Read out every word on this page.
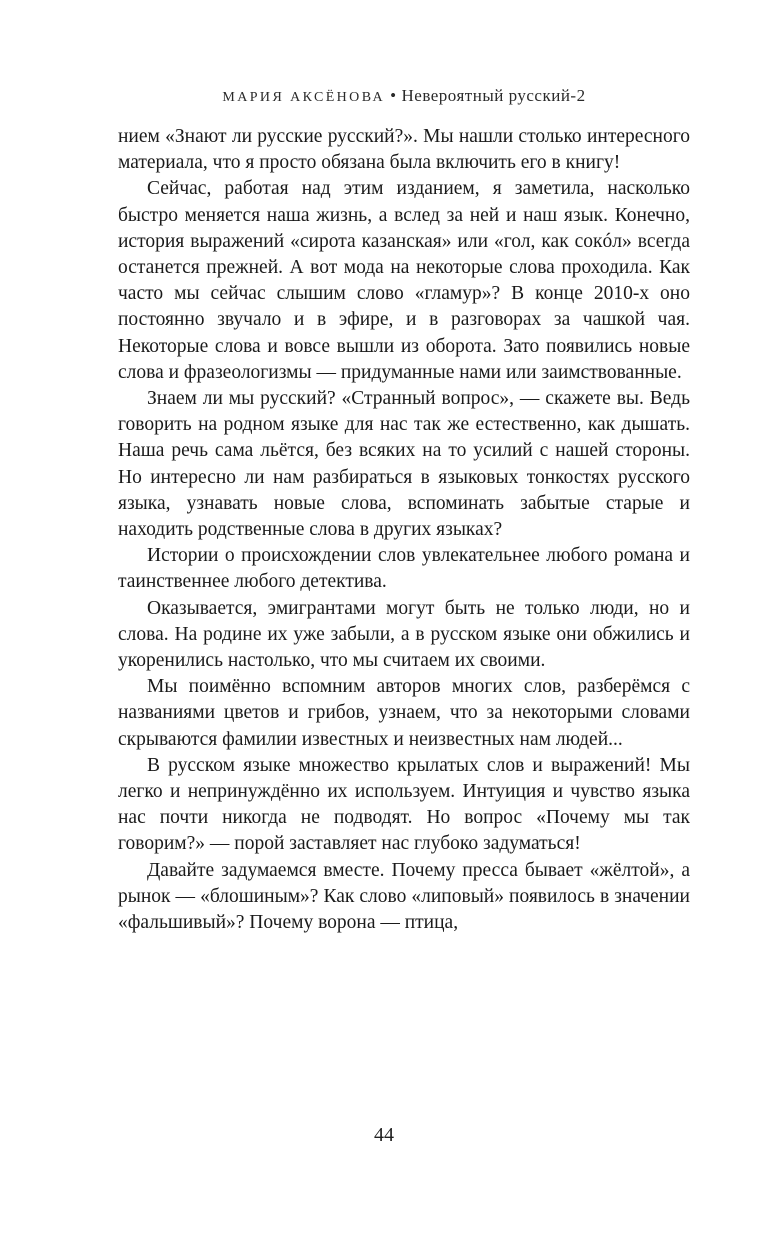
МАРИЯ АКСЁНОВА • Невероятный русский-2

нием «Знают ли русские русский?». Мы нашли столько интересного материала, что я просто обязана была включить его в книгу!

Сейчас, работая над этим изданием, я заметила, насколько быстро меняется наша жизнь, а вслед за ней и наш язык. Конечно, история выражений «сирота казанская» или «гол, как сокóл» всегда останется прежней. А вот мода на некоторые слова проходила. Как часто мы сейчас слышим слово «гламур»? В конце 2010-х оно постоянно звучало и в эфире, и в разговорах за чашкой чая. Некоторые слова и вовсе вышли из оборота. Зато появились новые слова и фразеологизмы — придуманные нами или заимствованные.

Знаем ли мы русский? «Странный вопрос», — скажете вы. Ведь говорить на родном языке для нас так же естественно, как дышать. Наша речь сама льётся, без всяких на то усилий с нашей стороны. Но интересно ли нам разбираться в языковых тонкостях русского языка, узнавать новые слова, вспоминать забытые старые и находить родственные слова в других языках?

Истории о происхождении слов увлекательнее любого романа и таинственнее любого детектива.

Оказывается, эмигрантами могут быть не только люди, но и слова. На родине их уже забыли, а в русском языке они обжились и укоренились настолько, что мы считаем их своими.

Мы поимённо вспомним авторов многих слов, разберёмся с названиями цветов и грибов, узнаем, что за некоторыми словами скрываются фамилии известных и неизвестных нам людей...

В русском языке множество крылатых слов и выражений! Мы легко и непринуждённо их используем. Интуиция и чувство языка нас почти никогда не подводят. Но вопрос «Почему мы так говорим?» — порой заставляет нас глубоко задуматься!

Давайте задумаемся вместе. Почему пресса бывает «жёлтой», а рынок — «блошиным»? Как слово «липовый» появилось в значении «фальшивый»? Почему ворона — птица,

44
